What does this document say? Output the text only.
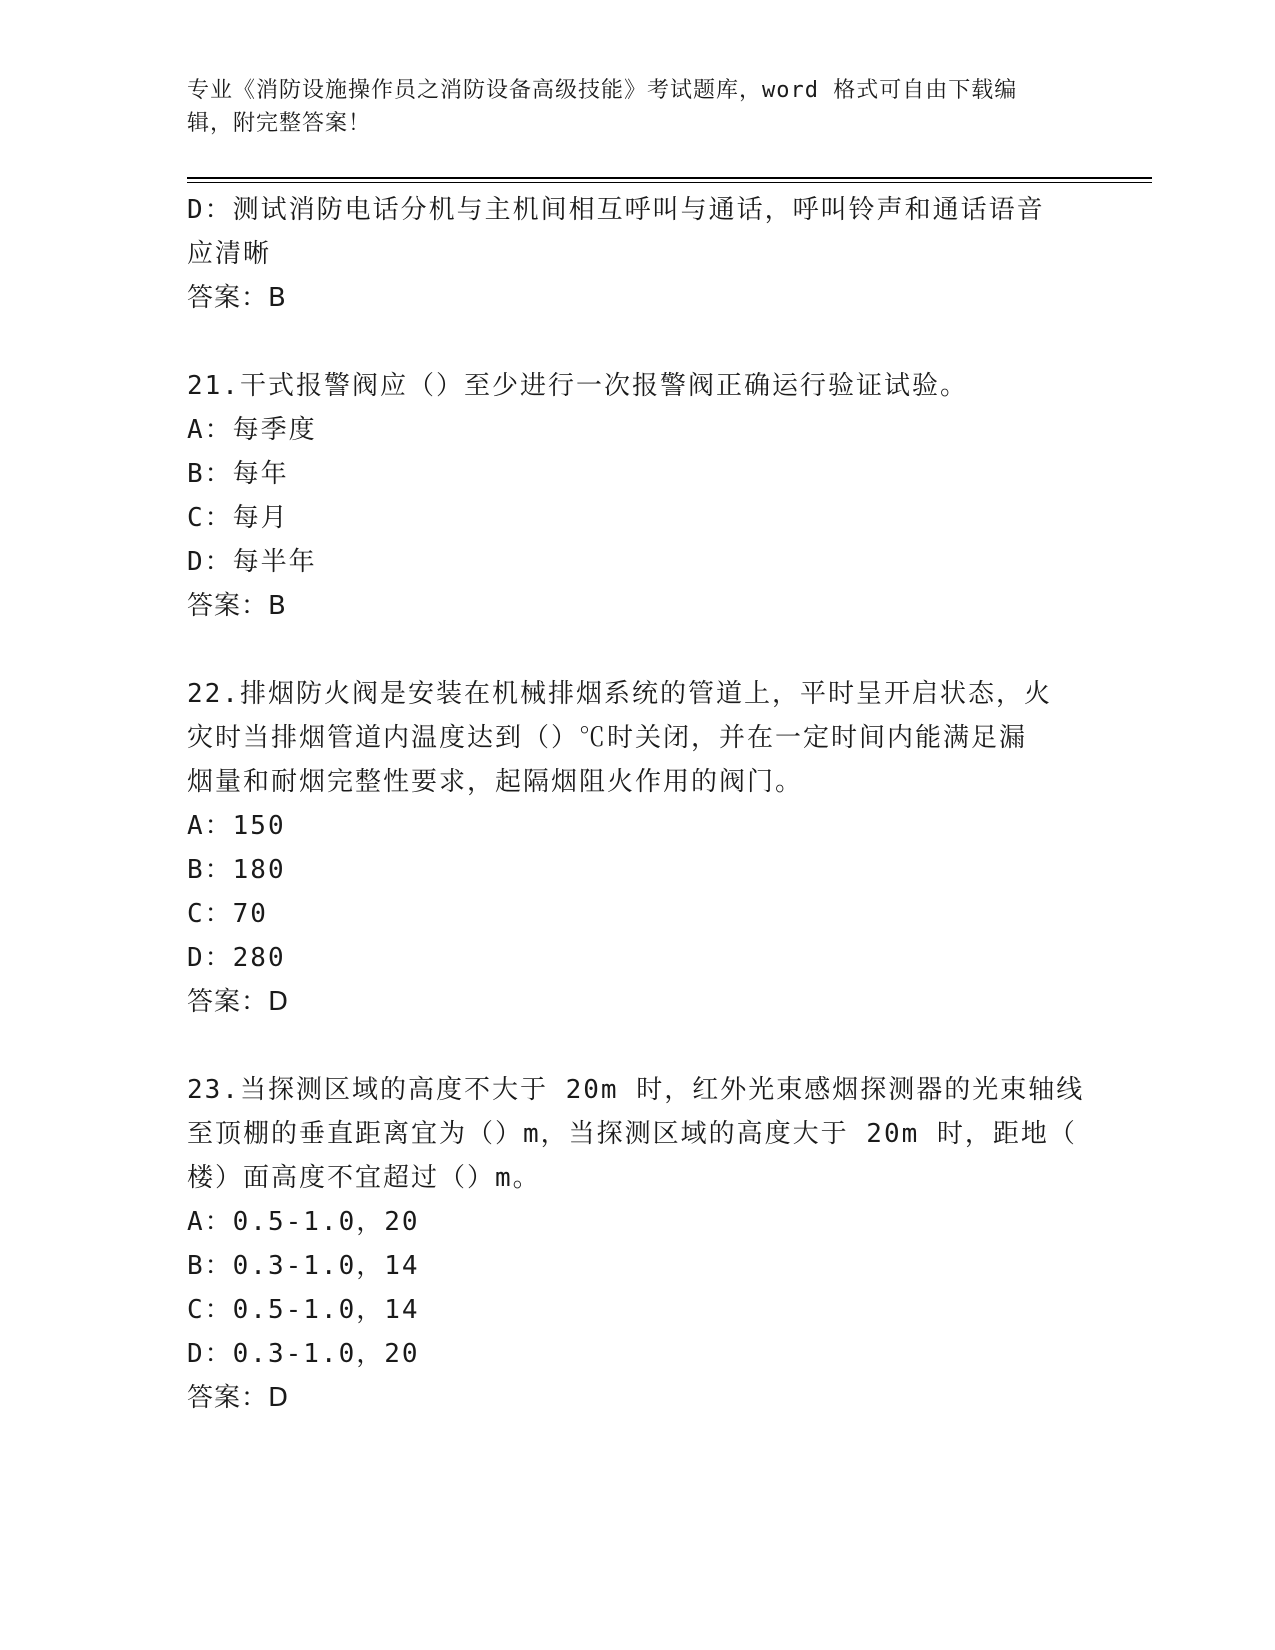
专业《消防设施操作员之消防设备高级技能》考试题库，word 格式可自由下载编
辑，附完整答案！
D：测试消防电话分机与主机间相互呼叫与通话，呼叫铃声和通话语音
应清晰
答案：B
21.干式报警阀应（）至少进行一次报警阀正确运行验证试验。
A：每季度
B：每年
C：每月
D：每半年
答案：B
22.排烟防火阀是安装在机械排烟系统的管道上，平时呈开启状态，火
灾时当排烟管道内温度达到（）℃时关闭，并在一定时间内能满足漏
烟量和耐烟完整性要求，起隔烟阻火作用的阀门。
A：150
B：180
C：70
D：280
答案：D
23.当探测区域的高度不大于 20m 时，红外光束感烟探测器的光束轴线
至顶棚的垂直距离宜为（）m，当探测区域的高度大于 20m 时，距地（
楼）面高度不宜超过（）m。
A：0.5-1.0，20
B：0.3-1.0，14
C：0.5-1.0，14
D：0.3-1.0，20
答案：D
